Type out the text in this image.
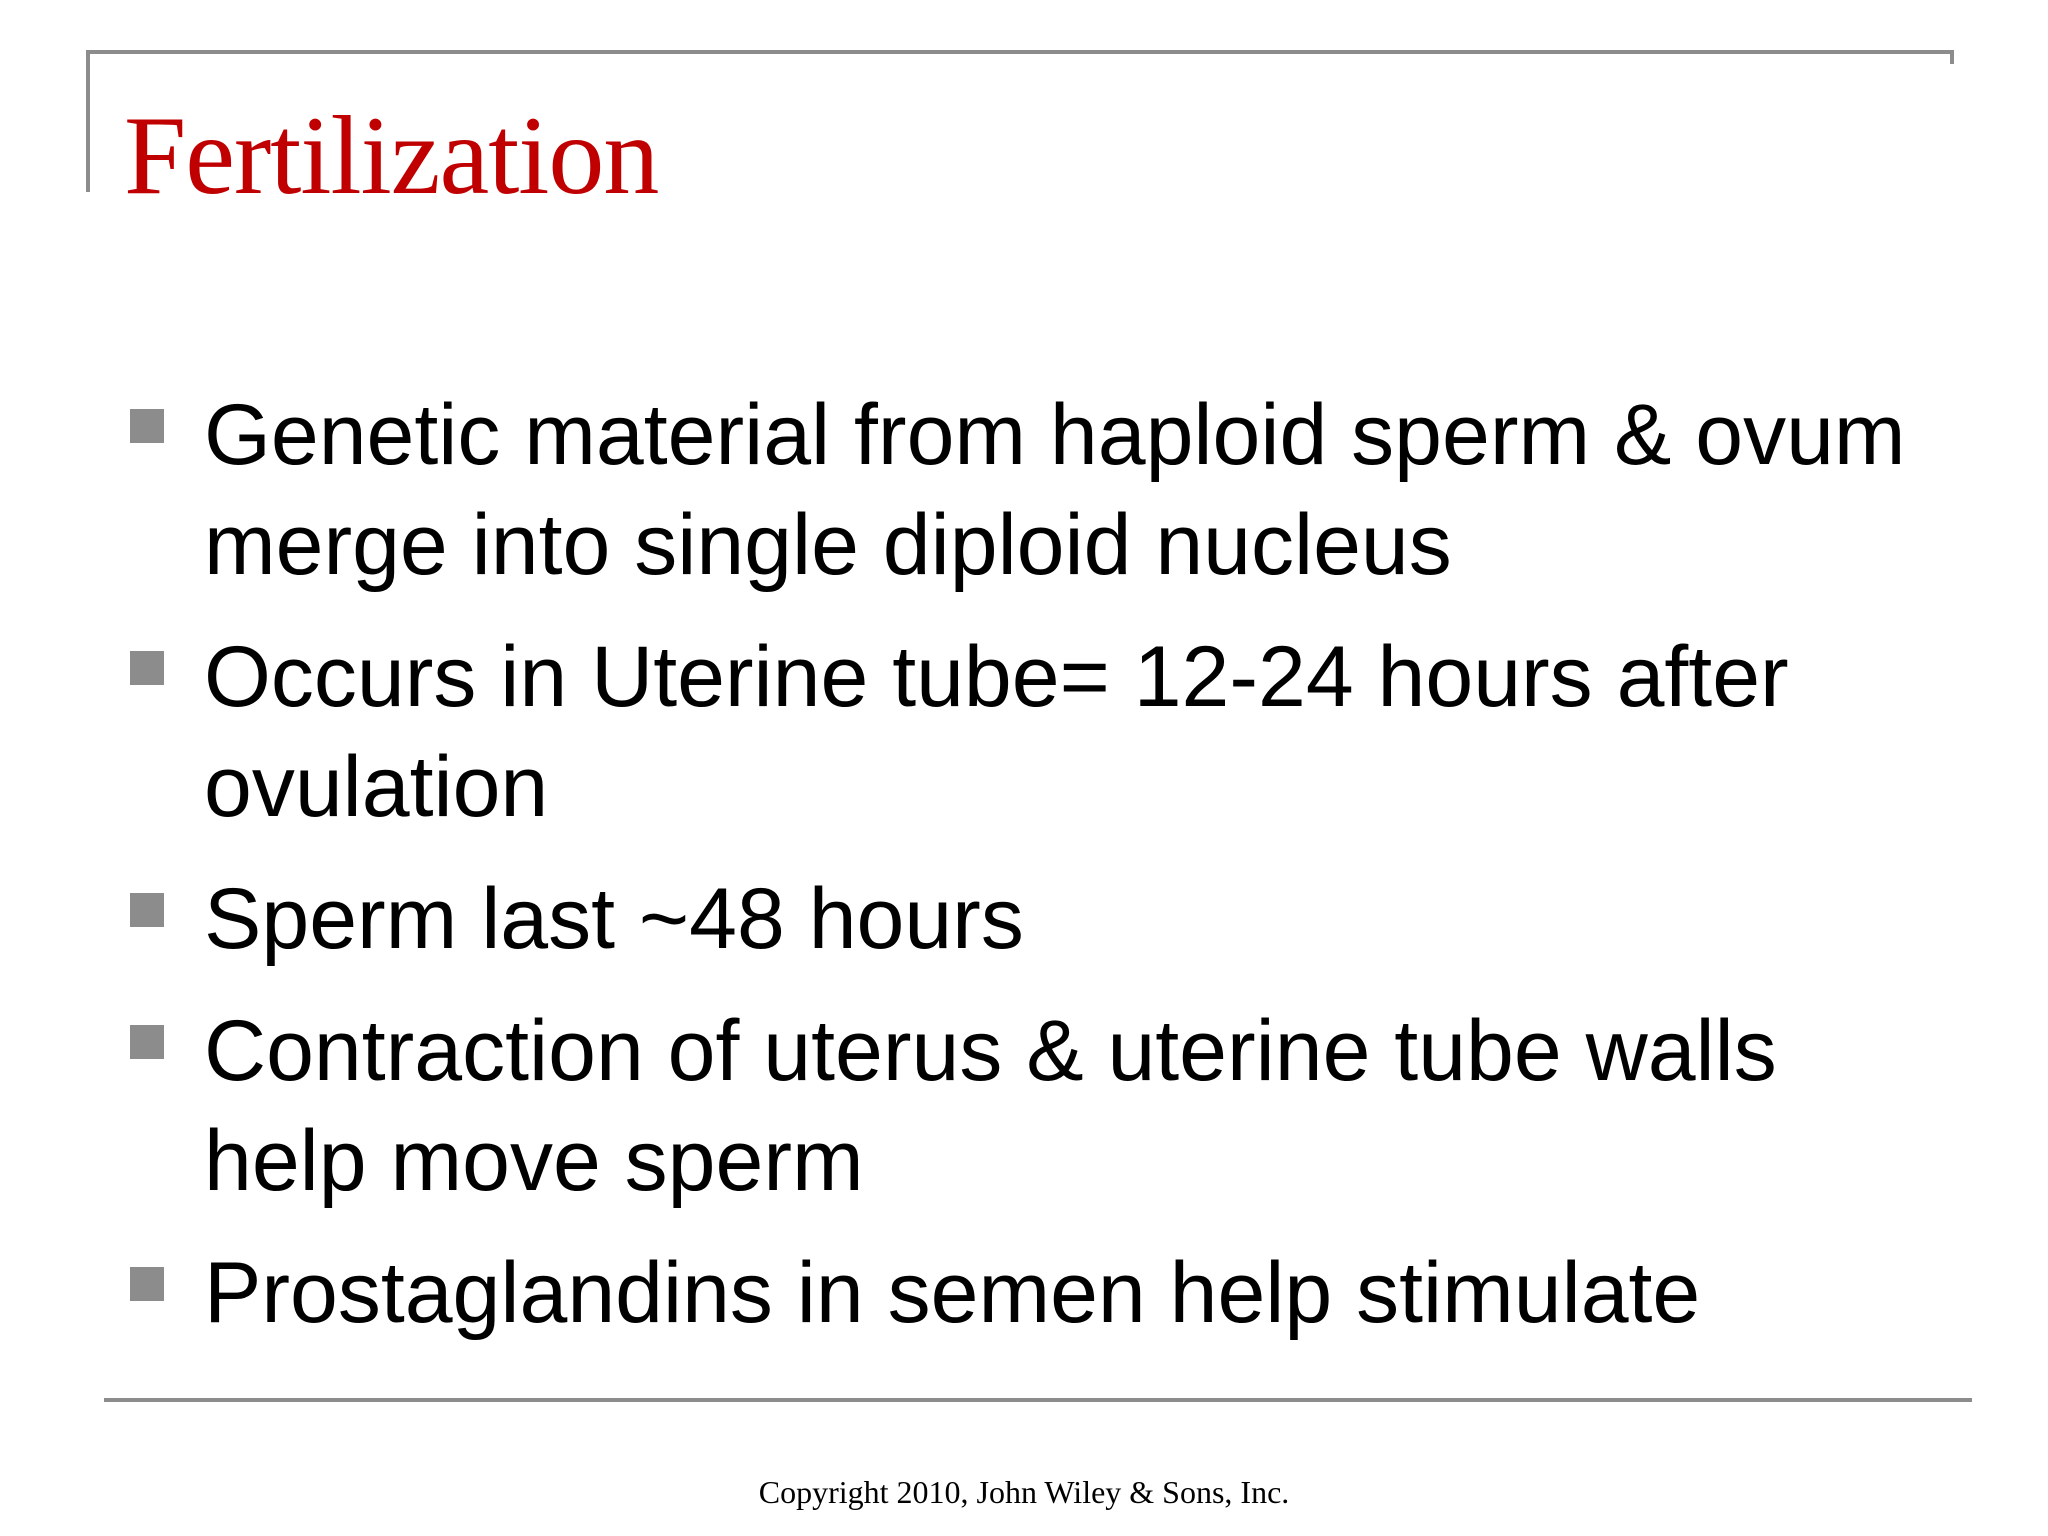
Fertilization
Genetic material from haploid sperm & ovum merge into single diploid nucleus
Occurs in Uterine tube= 12-24 hours after ovulation
Sperm last ~48 hours
Contraction of uterus & uterine tube walls help move sperm
Prostaglandins in semen help stimulate
Copyright 2010, John Wiley & Sons, Inc.
